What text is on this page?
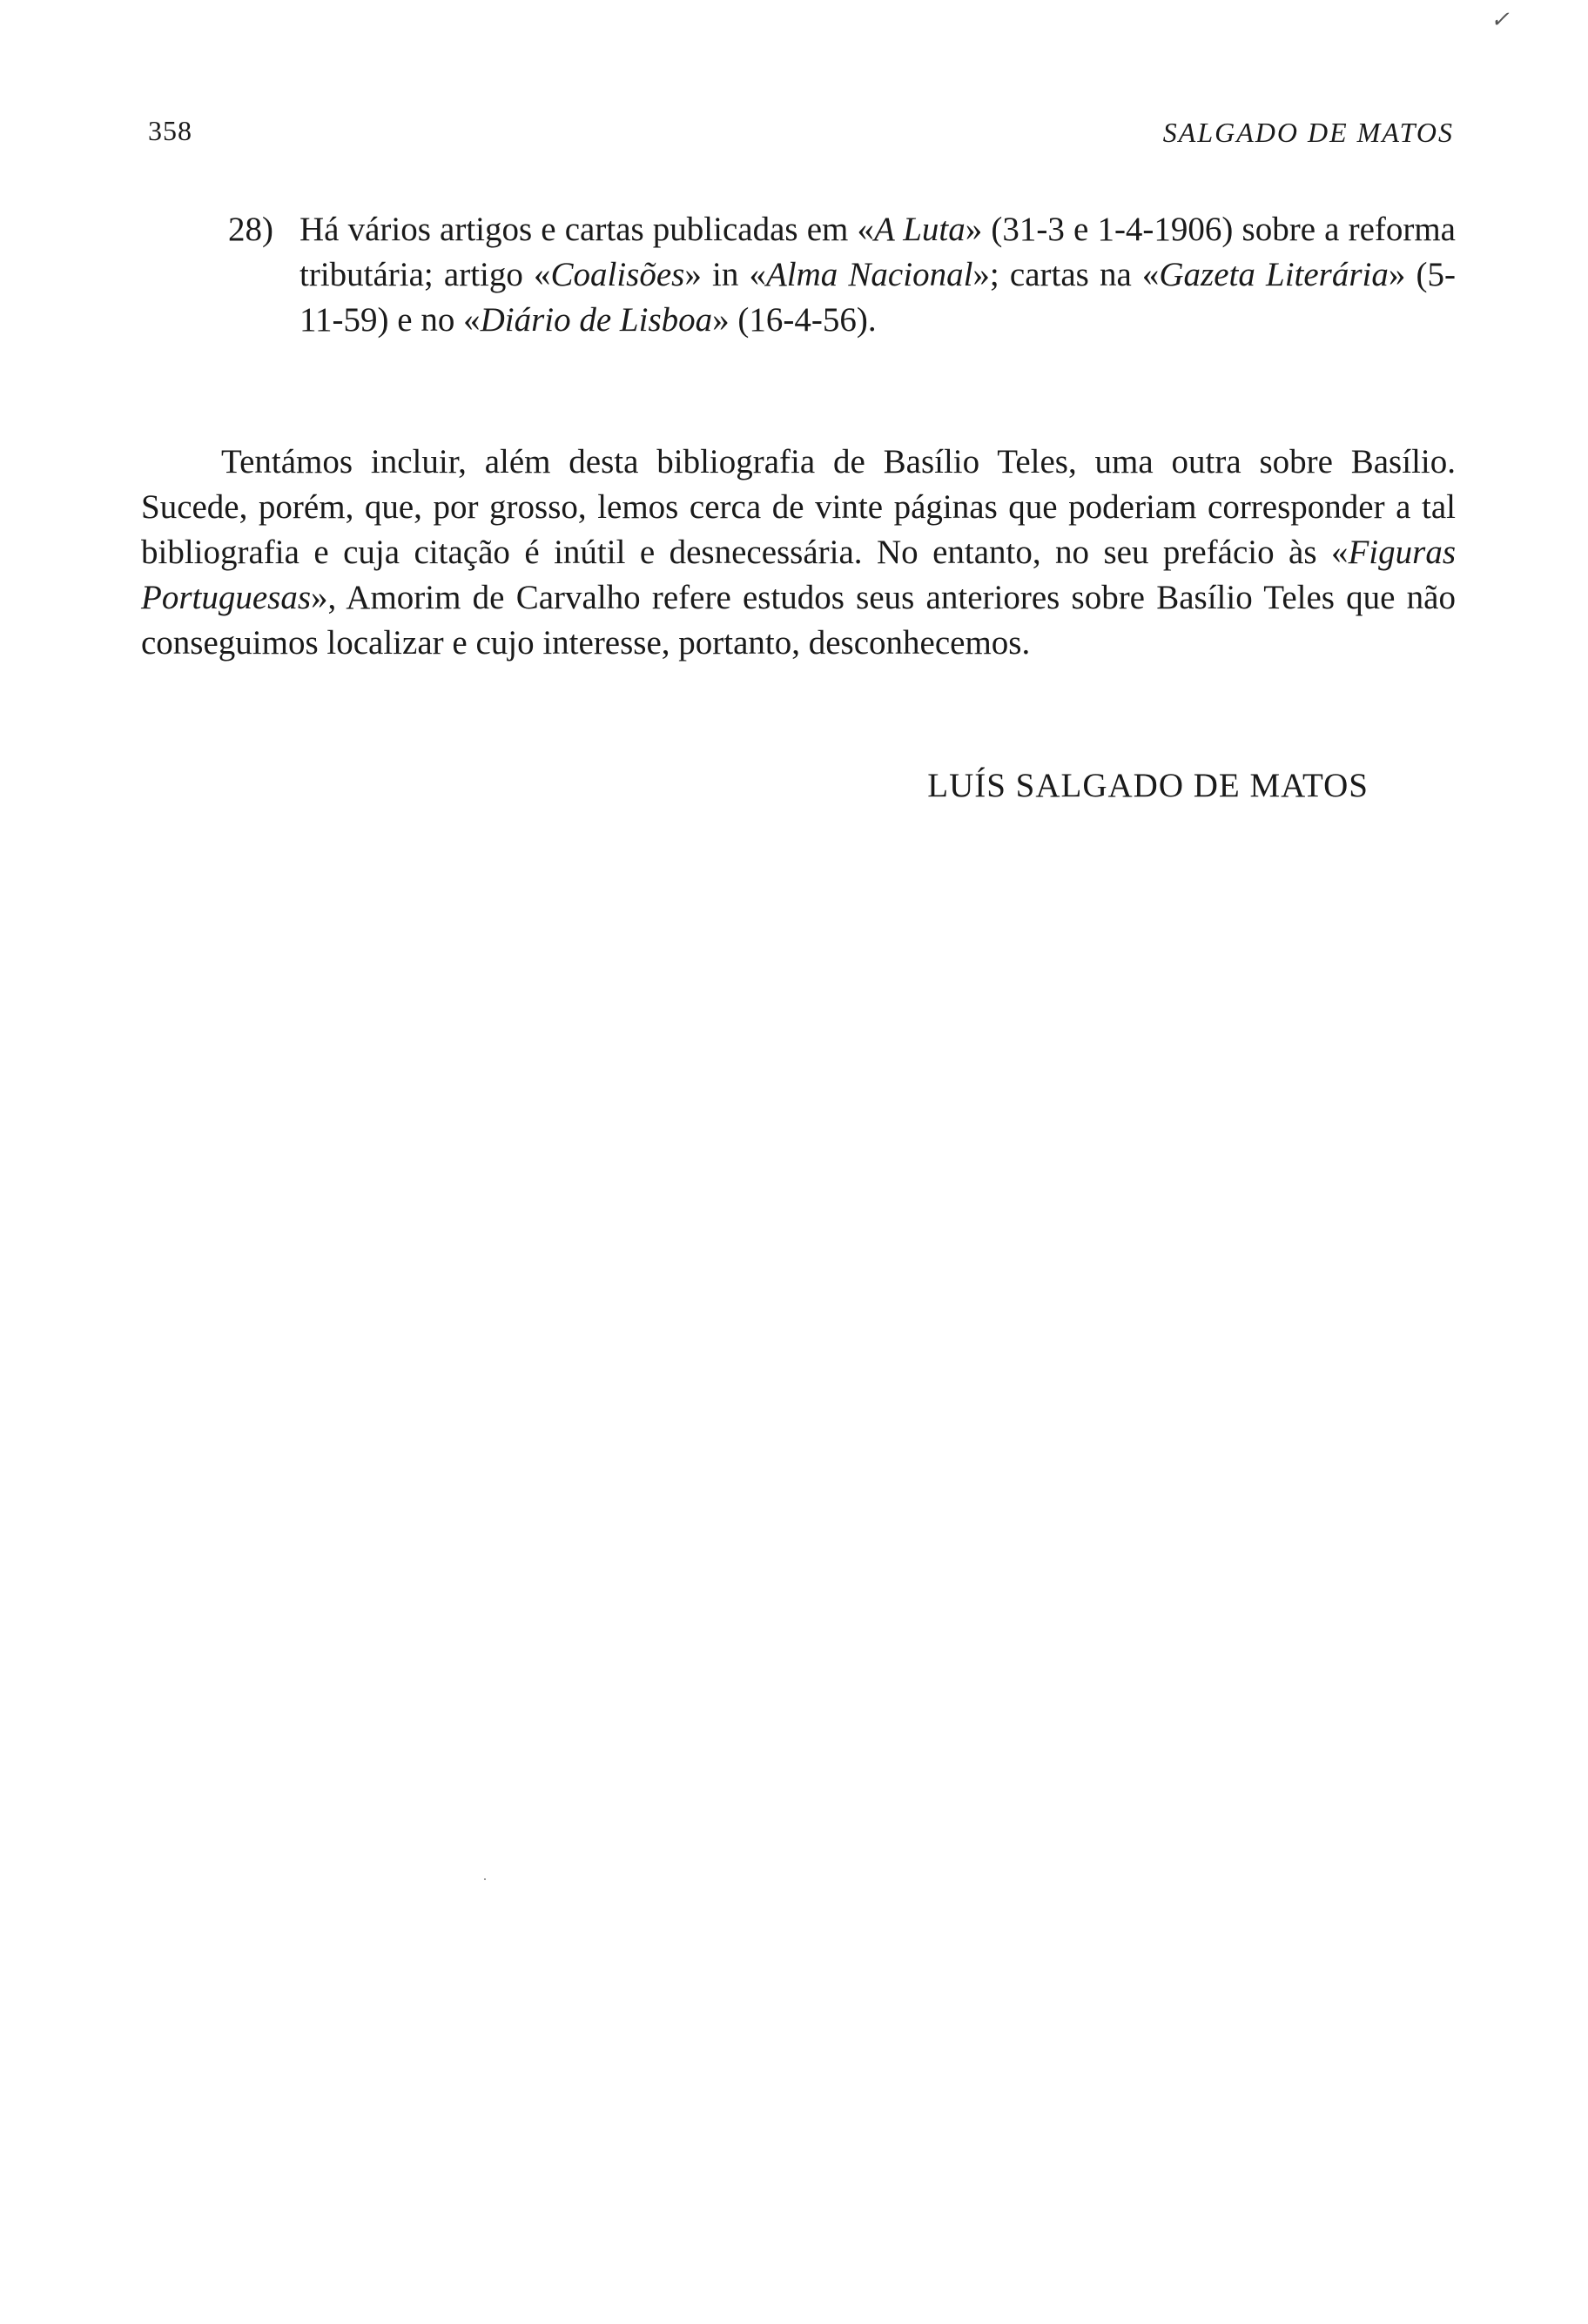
✓
358	SALGADO DE MATOS
28) Há vários artigos e cartas publicadas em «A Luta» (31-3 e 1-4-1906) sobre a reforma tributária; artigo «Coalisões» in «Alma Nacional»; cartas na «Gazeta Literária» (5-11-59) e no «Diário de Lisboa» (16-4-56).
Tentámos incluir, além desta bibliografia de Basílio Teles, uma outra sobre Basílio. Sucede, porém, que, por grosso, lemos cerca de vinte páginas que poderiam corresponder a tal bibliografia e cuja citação é inútil e desnecessária. No entanto, no seu prefácio às «Figuras Portuguesas», Amorim de Carvalho refere estudos seus anteriores sobre Basílio Teles que não conseguimos localizar e cujo interesse, portanto, desconhecemos.
LUÍS SALGADO DE MATOS
